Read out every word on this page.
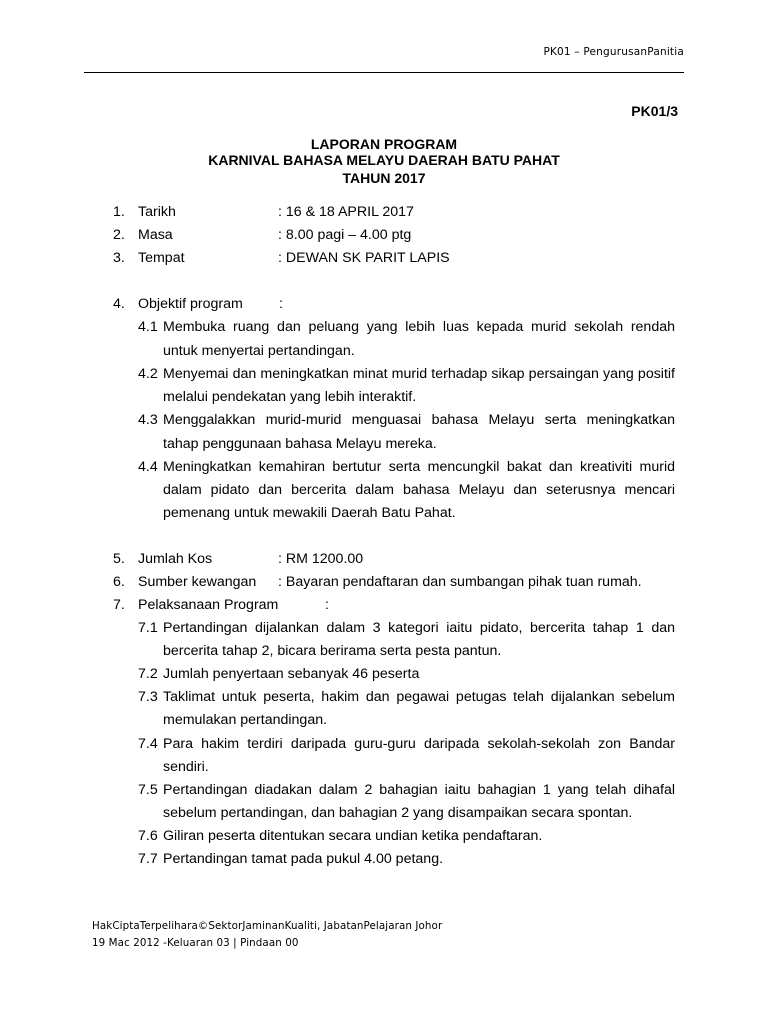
PK01 – PengurusanPanitia
PK01/3
LAPORAN PROGRAM
KARNIVAL BAHASA MELAYU DAERAH BATU PAHAT
TAHUN 2017
1. Tarikh	: 16 & 18 APRIL 2017
2. Masa	: 8.00 pagi – 4.00 ptg
3. Tempat	: DEWAN SK PARIT LAPIS
4. Objektif program	:
4.1 Membuka ruang dan peluang yang lebih luas kepada murid sekolah rendah
untuk menyertai pertandingan.
4.2 Menyemai dan meningkatkan minat murid terhadap sikap persaingan yang positif
melalui pendekatan yang lebih interaktif.
4.3 Menggalakkan murid-murid menguasai bahasa Melayu serta meningkatkan
tahap penggunaan bahasa Melayu mereka.
4.4 Meningkatkan kemahiran bertutur serta mencungkil bakat dan kreativiti murid
dalam pidato dan bercerita dalam bahasa Melayu dan seterusnya mencari
pemenang untuk mewakili Daerah Batu Pahat.
5. Jumlah Kos	: RM 1200.00
6. Sumber kewangan : Bayaran pendaftaran dan sumbangan pihak tuan rumah.
7. Pelaksanaan Program	:
7.1 Pertandingan dijalankan dalam 3 kategori iaitu pidato, bercerita tahap 1 dan
bercerita tahap 2, bicara berirama serta pesta pantun.
7.2 Jumlah penyertaan sebanyak 46 peserta
7.3 Taklimat untuk peserta, hakim dan pegawai petugas telah dijalankan sebelum
memulakan pertandingan.
7.4 Para hakim terdiri daripada guru-guru daripada sekolah-sekolah zon Bandar
sendiri.
7.5 Pertandingan diadakan dalam 2 bahagian iaitu bahagian 1 yang telah dihafal
sebelum pertandingan, dan bahagian 2 yang disampaikan secara spontan.
7.6 Giliran peserta ditentukan secara undian ketika pendaftaran.
7.7 Pertandingan tamat pada pukul 4.00 petang.
HakCiptaTerpelihara©SektorJaminanKualiti, JabatanPelajaran Johor
19 Mac 2012 -Keluaran 03 | Pindaan 00
